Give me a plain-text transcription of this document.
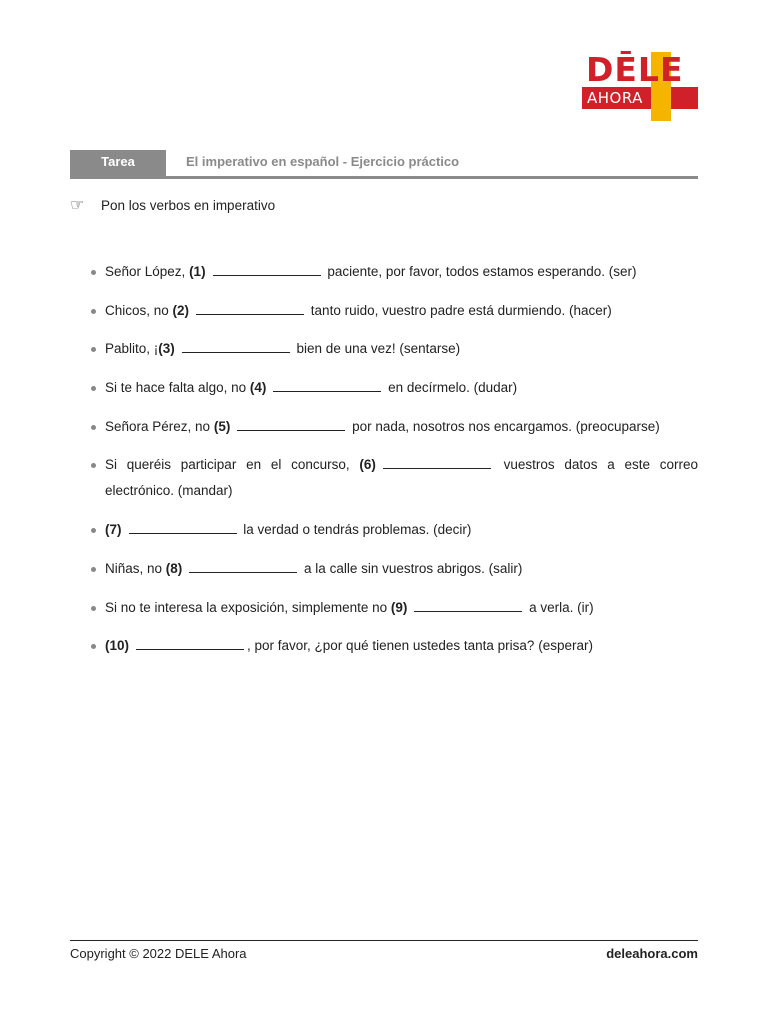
DĒLE
AHORA
Tarea	El imperativo en español - Ejercicio práctico
☞ Pon los verbos en imperativo
Señor López, (1)	paciente, por favor, todos estamos esperando. (ser)
Chicos, no (2)	tanto ruido, vuestro padre está durmiendo. (hacer)
Pablito, ¡(3)	bien de una vez! (sentarse)
Si te hace falta algo, no (4)	en decírmelo. (dudar)
Señora Pérez, no (5)	por nada, nosotros nos encargamos. (preocuparse)
Si queréis participar en el concurso, (6)	vuestros datos a este correo electrónico. (mandar)
(7)	la verdad o tendrás problemas. (decir)
Niñas, no (8)	a la calle sin vuestros abrigos. (salir)
Si no te interesa la exposición, simplemente no (9)	a verla. (ir)
(10)	, por favor, ¿por qué tienen ustedes tanta prisa? (esperar)
Copyright © 2022 DELE Ahora	deleahora.com
